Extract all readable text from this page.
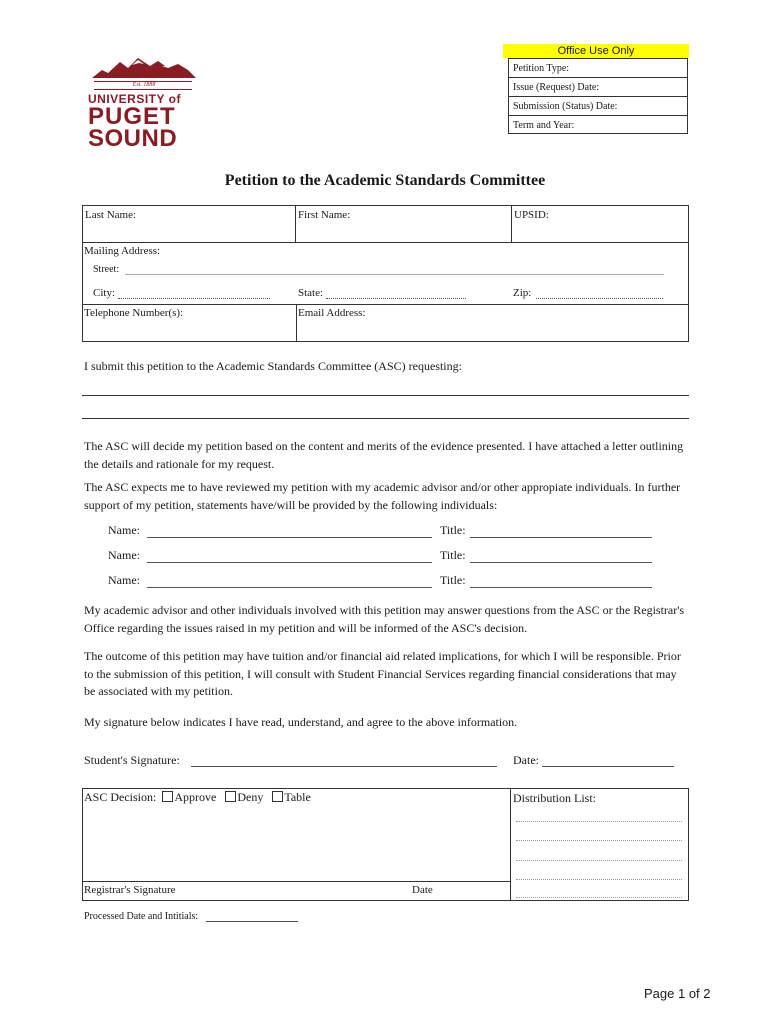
Est. 1888
UNIVERSITY of
PUGET
SOUND
Office Use Only
Petition Type:
Issue (Request) Date:
Submission (Status) Date:
Term and Year:
Petition to the Academic Standards Committee
Last Name:	First Name:	UPSID:
Mailing Address:
Street:
City:	State:	Zip:
Telephone Number(s):	Email Address:
I submit this petition to the Academic Standards Committee (ASC) requesting:

The ASC will decide my petition based on the content and merits of the evidence presented. I have attached a letter outlining the details and rationale for my request.

The ASC expects me to have reviewed my petition with my academic advisor and/or other appropiate individuals. In further support of my petition, statements have/will be provided by the following individuals:

Name:	Title:
Name:	Title:
Name:	Title:

My academic advisor and other individuals involved with this petition may answer questions from the ASC or the Registrar's Office regarding the issues raised in my petition and will be informed of the ASC's decision.

The outcome of this petition may have tuition and/or financial aid related implications, for which I will be responsible. Prior to the submission of this petition, I will consult with Student Financial Services regarding financial considerations that may be associated with my petition.

My signature below indicates I have read, understand, and agree to the above information.

Student's Signature:	Date:
ASC Decision: Approve Deny Table	Distribution List:
Registrar's Signature	Date
Processed Date and Intitials:
Page 1 of 2
